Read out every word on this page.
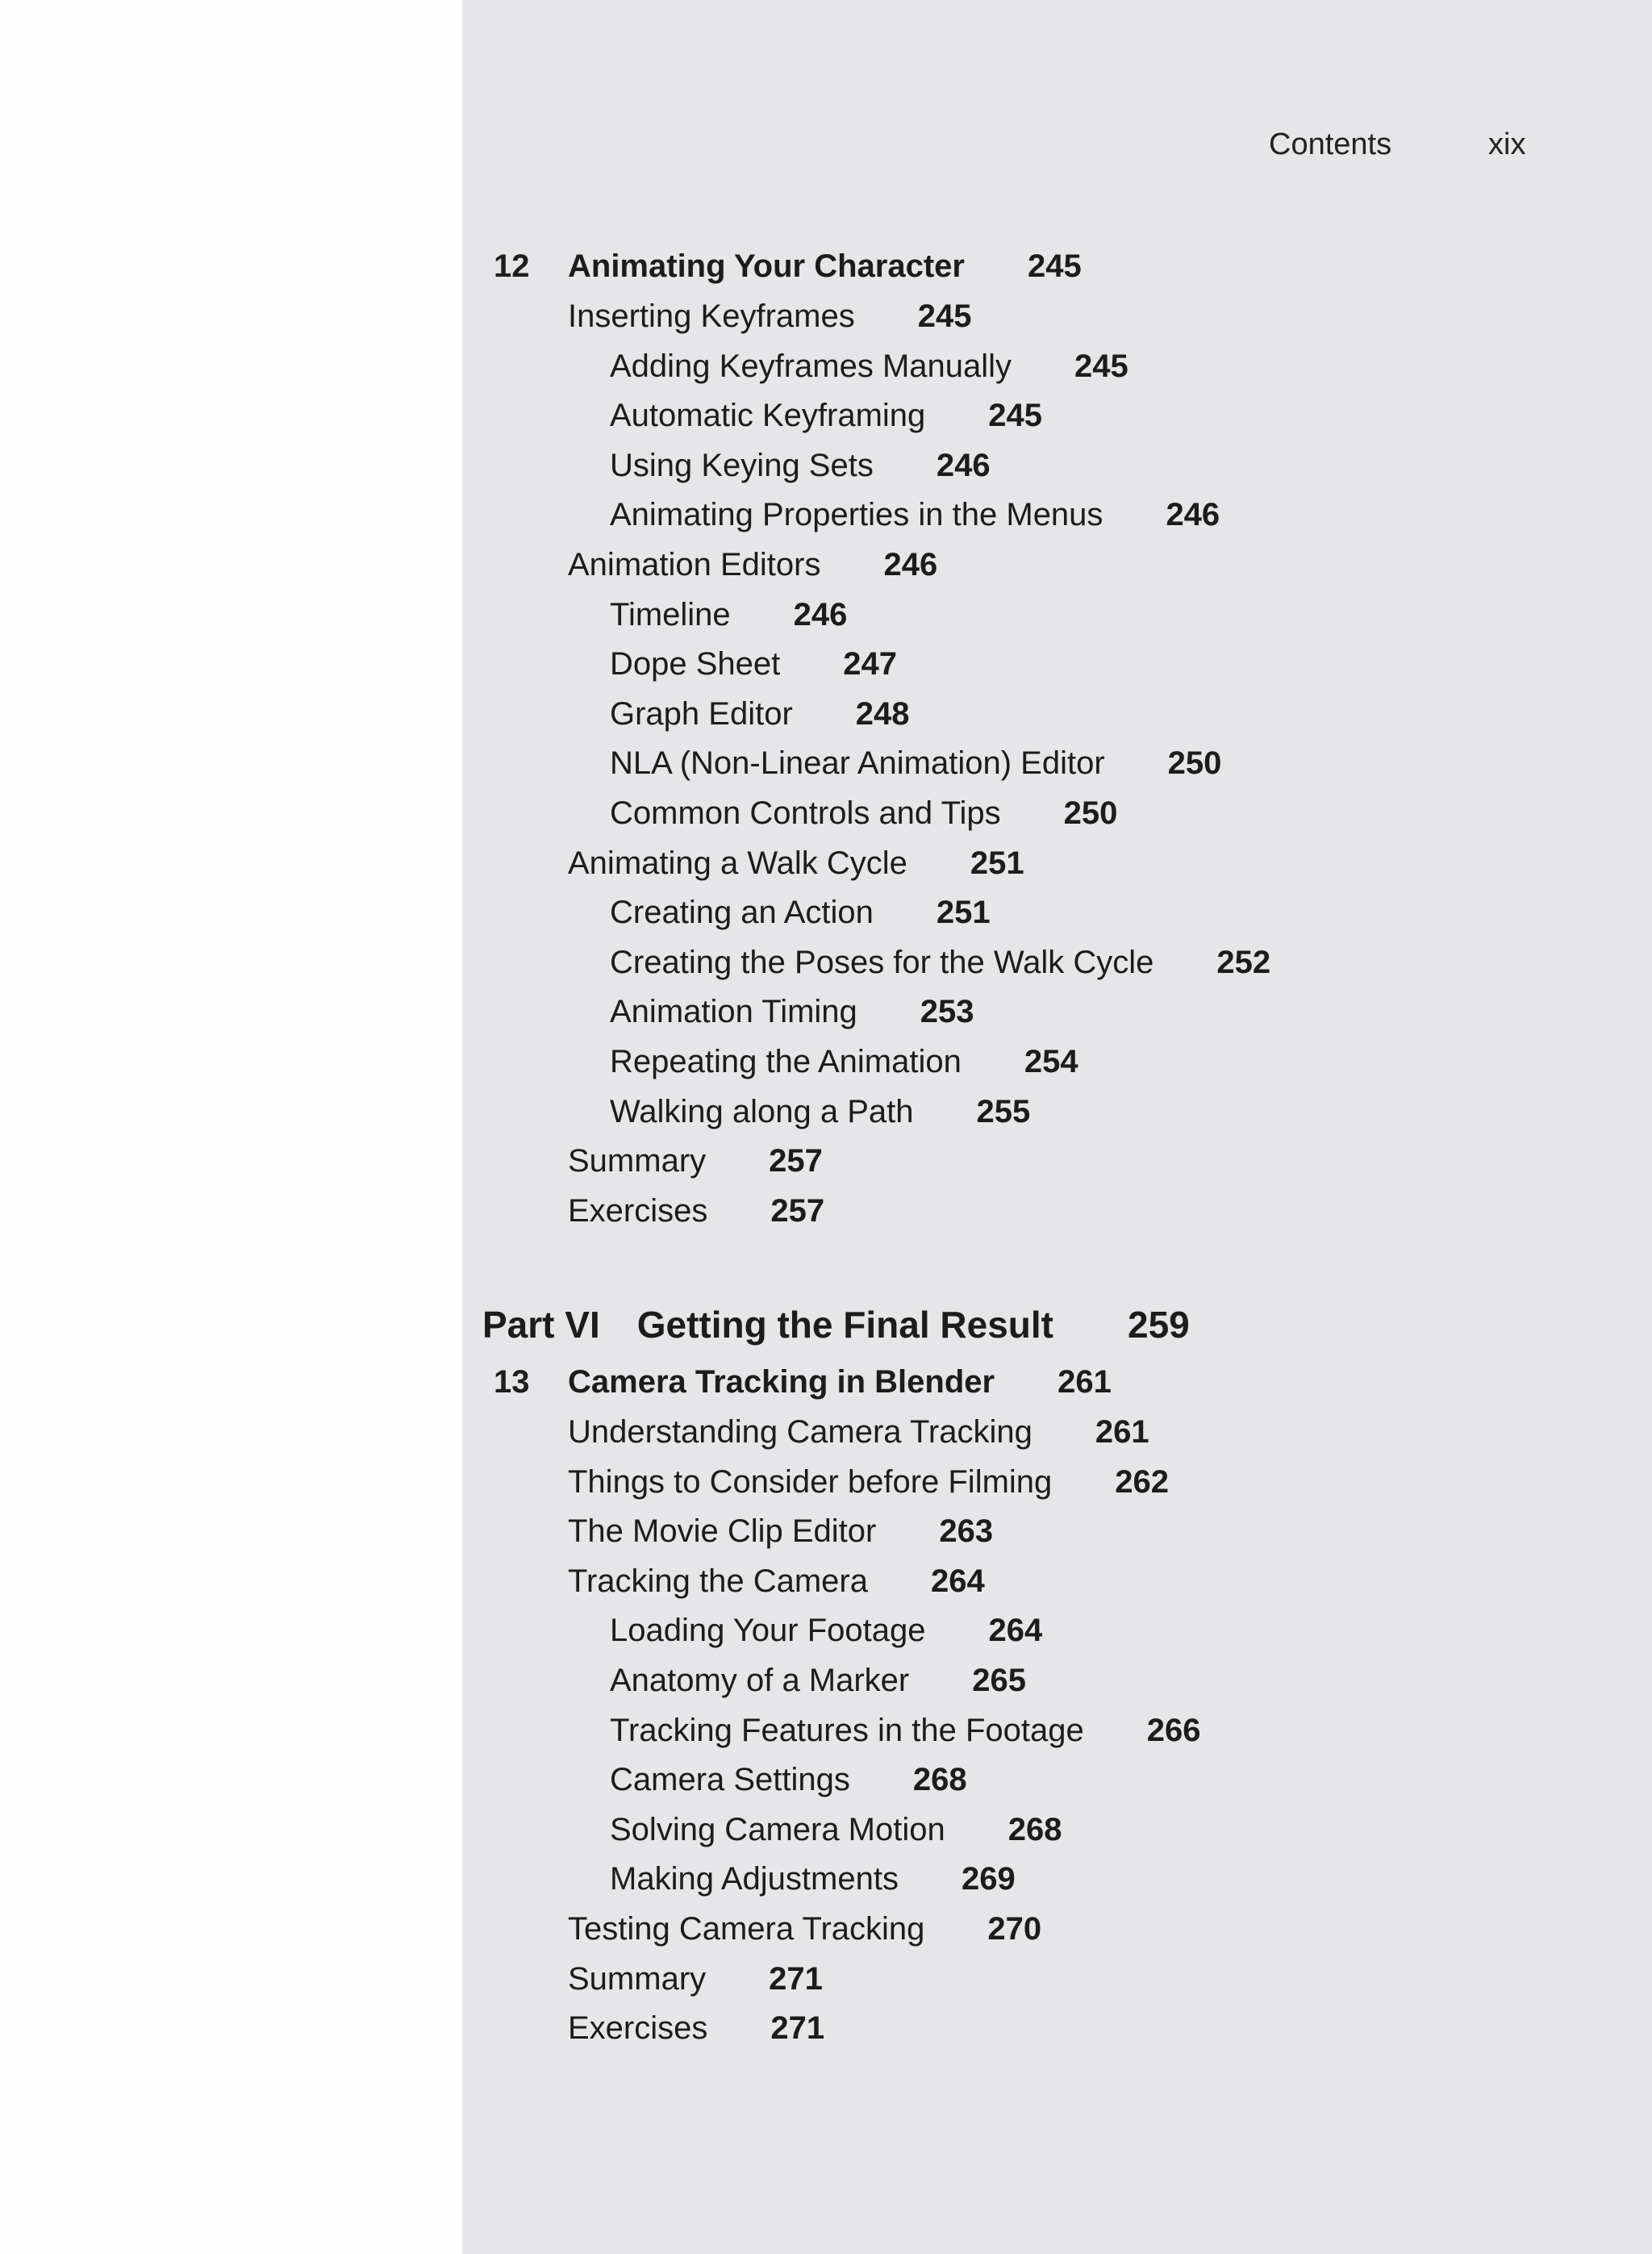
Contents	xix
12 Animating Your Character 245
Inserting Keyframes 245
Adding Keyframes Manually 245
Automatic Keyframing 245
Using Keying Sets 246
Animating Properties in the Menus 246
Animation Editors 246
Timeline 246
Dope Sheet 247
Graph Editor 248
NLA (Non-Linear Animation) Editor 250
Common Controls and Tips 250
Animating a Walk Cycle 251
Creating an Action 251
Creating the Poses for the Walk Cycle 252
Animation Timing 253
Repeating the Animation 254
Walking along a Path 255
Summary 257
Exercises 257
Part VI Getting the Final Result 259
13 Camera Tracking in Blender 261
Understanding Camera Tracking 261
Things to Consider before Filming 262
The Movie Clip Editor 263
Tracking the Camera 264
Loading Your Footage 264
Anatomy of a Marker 265
Tracking Features in the Footage 266
Camera Settings 268
Solving Camera Motion 268
Making Adjustments 269
Testing Camera Tracking 270
Summary 271
Exercises 271
